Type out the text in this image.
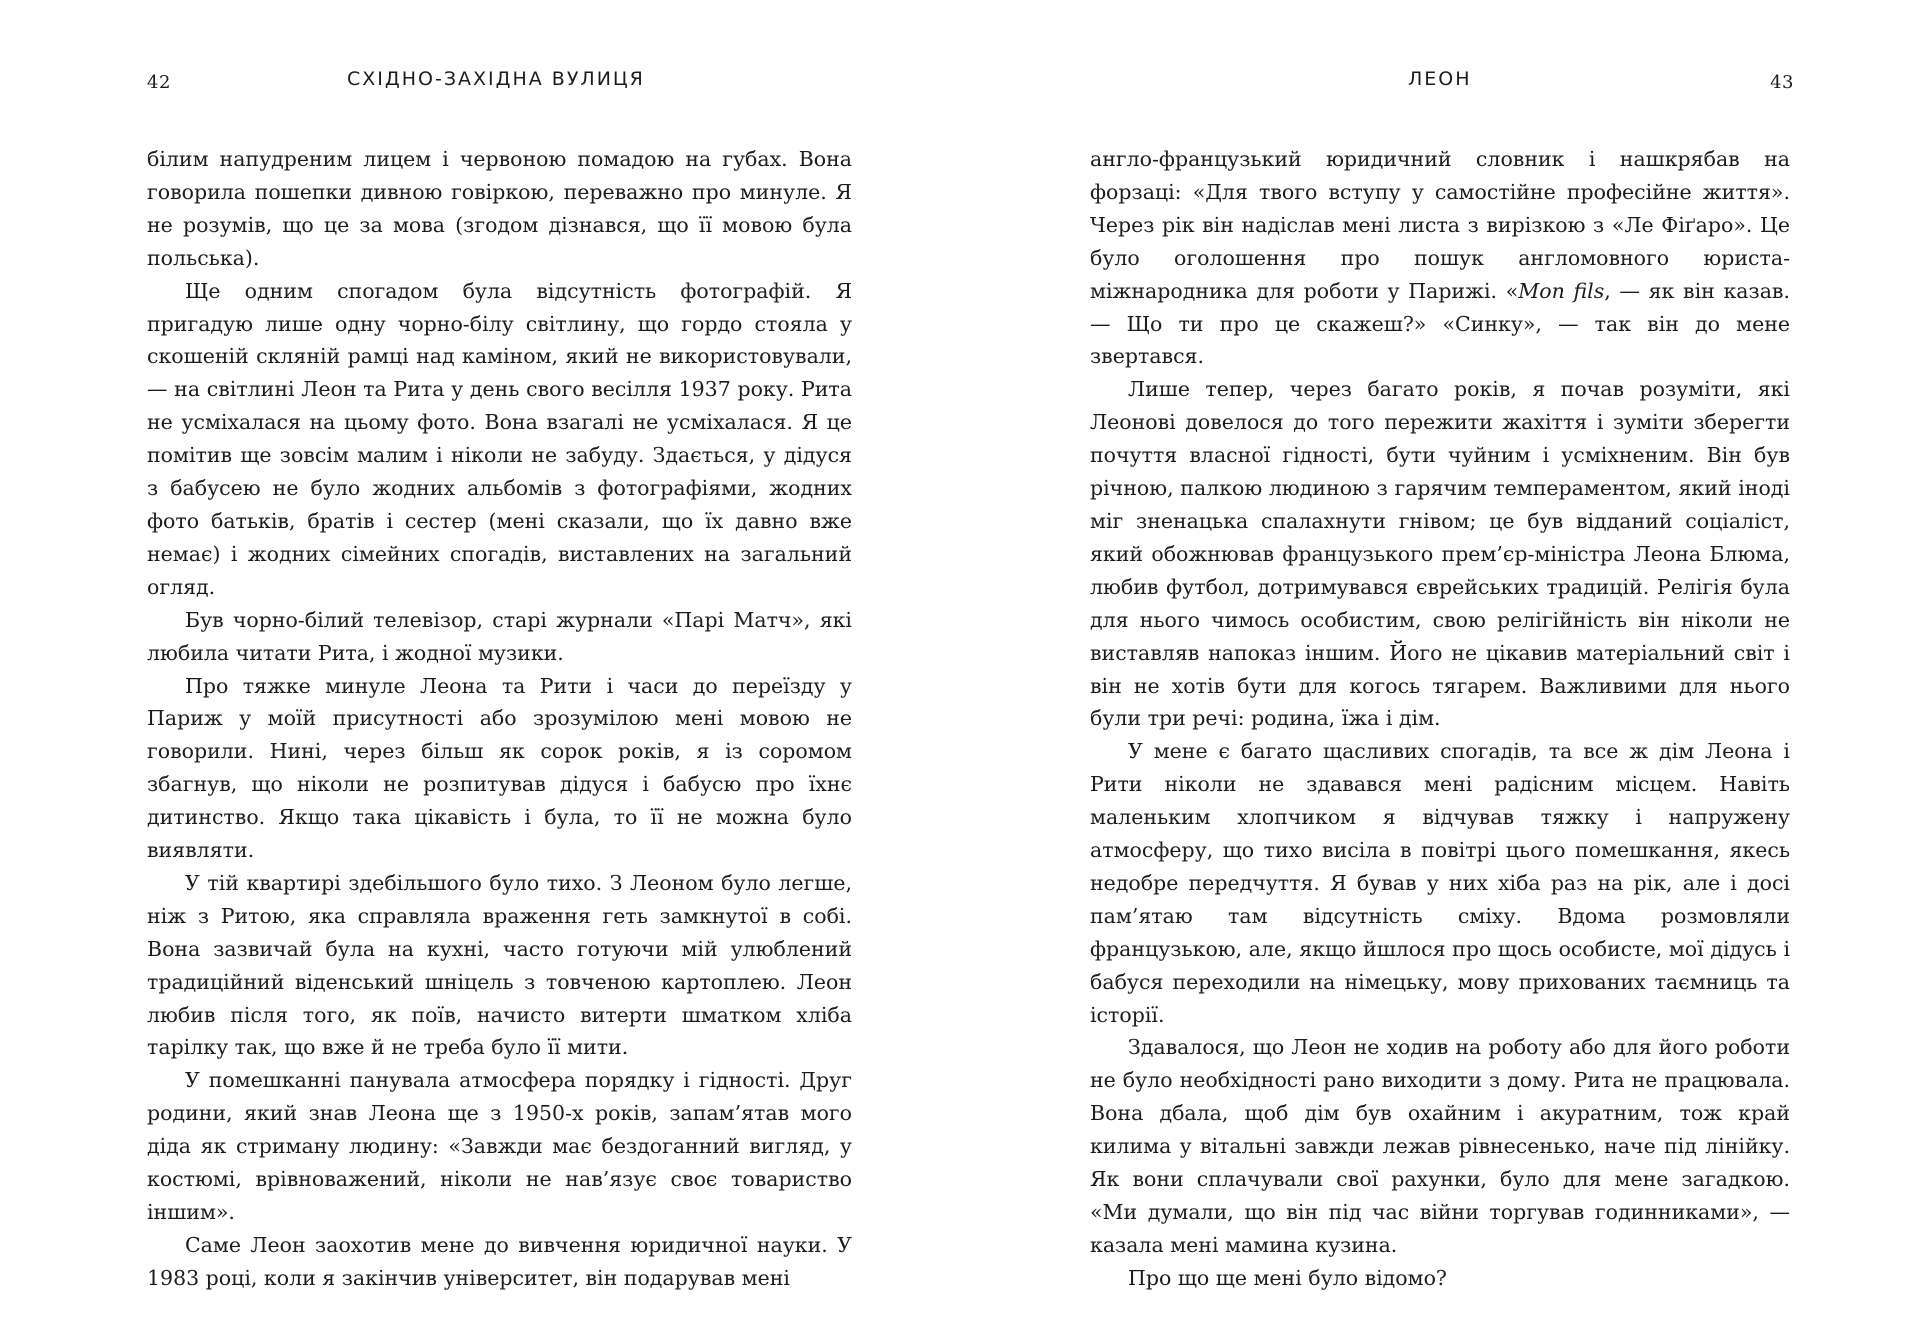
42	СХІДНО-ЗАХІДНА ВУЛИЦЯ

білим напудреним лицем і червоною помадою на губах. Вона говорила пошепки дивною говіркою, переважно про минуле. Я не розумів, що це за мова (згодом дізнався, що її мовою була польська).

Ще одним спогадом була відсутність фотографій. Я пригадую лише одну чорно-білу світлину, що гордо стояла у скошеній скляній рамці над каміном, який не використовували, — на світлині Леон та Рита у день свого весілля 1937 року. Рита не усміхалася на цьому фото. Вона взагалі не усміхалася. Я це помітив ще зовсім малим і ніколи не забуду. Здається, у дідуся з бабусею не було жодних альбомів з фотографіями, жодних фото батьків, братів і сестер (мені сказали, що їх давно вже немає) і жодних сімейних спогадів, виставлених на загальний огляд.

Був чорно-білий телевізор, старі журнали «Парі Матч», які любила читати Рита, і жодної музики.

Про тяжке минуле Леона та Рити і часи до переїзду у Париж у моїй присутності або зрозумілою мені мовою не говорили. Нині, через більш як сорок років, я із соромом збагнув, що ніколи не розпитував дідуся і бабусю про їхнє дитинство. Якщо така цікавість і була, то її не можна було виявляти.

У тій квартирі здебільшого було тихо. З Леоном було легше, ніж з Ритою, яка справляла враження геть замкнутої в собі. Вона зазвичай була на кухні, часто готуючи мій улюблений традиційний віденський шніцель з товченою картоплею. Леон любив після того, як поїв, начисто витерти шматком хліба тарілку так, що вже й не треба було її мити.

У помешканні панувала атмосфера порядку і гідності. Друг родини, який знав Леона ще з 1950-х років, запам’ятав мого діда як стриману людину: «Завжди має бездоганний вигляд, у костюмі, врівноважений, ніколи не нав’язує своє товариство іншим».

Саме Леон заохотив мене до вивчення юридичної науки. У 1983 році, коли я закінчив університет, він подарував мені

ЛЕОН	43

англо-французький юридичний словник і нашкрябав на форзаці: «Для твого вступу у самостійне професійне життя». Через рік він надіслав мені листа з вирізкою з «Ле Фіґаро». Це було оголошення про пошук англомовного юриста-міжнародника для роботи у Парижі. «Mon fils, — як він казав. — Що ти про це скажеш?» «Синку», — так він до мене звертався.

Лише тепер, через багато років, я почав розуміти, які Леонові довелося до того пережити жахіття і зуміти зберегти почуття власної гідності, бути чуйним і усміхненим. Він був річною, палкою людиною з гарячим темпераментом, який іноді міг зненацька спалахнути гнівом; це був відданий соціаліст, який обожнював французького прем’єр-міністра Леона Блюма, любив футбол, дотримувався єврейських традицій. Релігія була для нього чимось особистим, свою релігійність він ніколи не виставляв напоказ іншим. Його не цікавив матеріальний світ і він не хотів бути для когось тягарем. Важливими для нього були три речі: родина, їжа і дім.

У мене є багато щасливих спогадів, та все ж дім Леона і Рити ніколи не здавався мені радісним місцем. Навіть маленьким хлопчиком я відчував тяжку і напружену атмосферу, що тихо висіла в повітрі цього помешкання, якесь недобре передчуття. Я бував у них хіба раз на рік, але і досі пам’ятаю там відсутність сміху. Вдома розмовляли французькою, але, якщо йшлося про щось особисте, мої дідусь і бабуся переходили на німецьку, мову прихованих таємниць та історії.

Здавалося, що Леон не ходив на роботу або для його роботи не було необхідності рано виходити з дому. Рита не працювала. Вона дбала, щоб дім був охайним і акуратним, тож край килима у вітальні завжди лежав рівнесенько, наче під лінійку. Як вони сплачували свої рахунки, було для мене загадкою. «Ми думали, що він під час війни торгував годинниками», — казала мені мамина кузина.

Про що ще мені було відомо?
